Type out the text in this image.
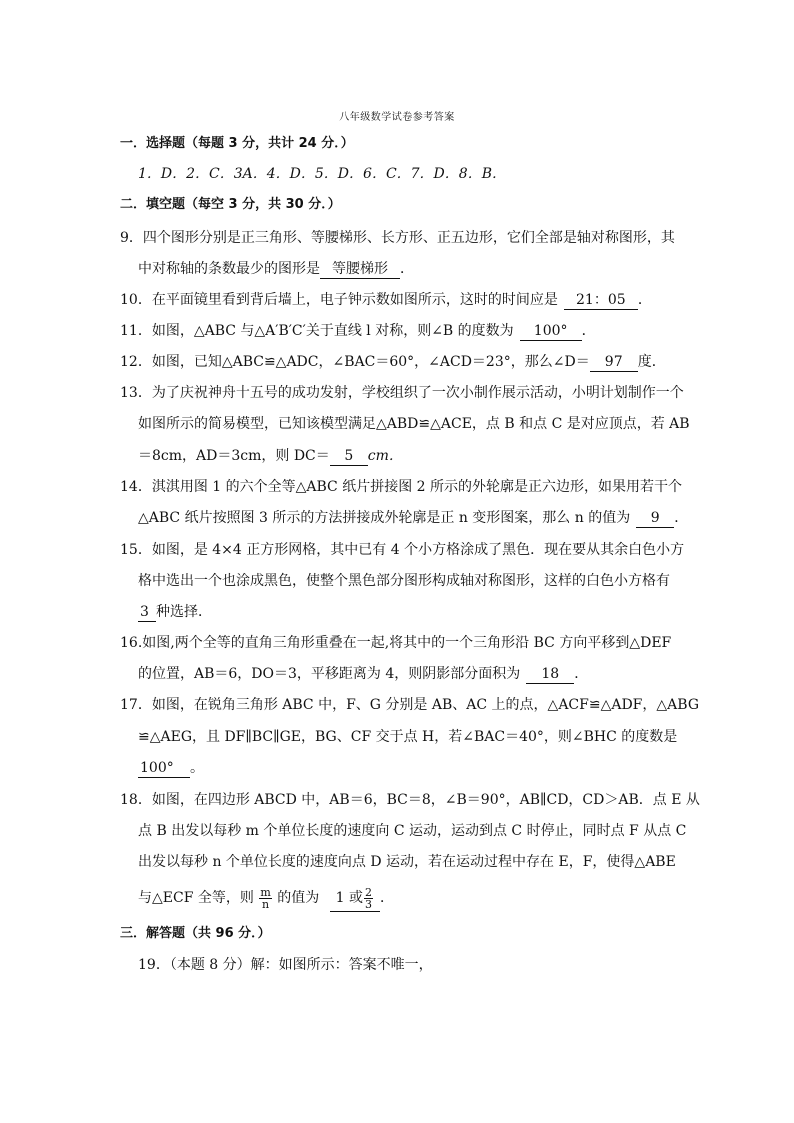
八年级数学试卷参考答案
一．选择题（每题 3 分，共计 24 分．）
1．D．2．C．3A．4．D．5．D．6．C．7．D．8．B．
二．填空题（每空 3 分，共 30 分．）
9．四个图形分别是正三角形、等腰梯形、长方形、正五边形，它们全部是轴对称图形，其
中对称轴的条数最少的图形是 等腰梯形 ．
10．在平面镜里看到背后墙上，电子钟示数如图所示，这时的时间应是 21：05 ．
11．如图，△ABC 与△A′B′C′关于直线 l 对称，则∠B 的度数为 100° ．
12．如图，已知△ABC≌△ADC，∠BAC＝60°，∠ACD＝23°，那么∠D＝ 97 度．
13．为了庆祝神舟十五号的成功发射，学校组织了一次小制作展示活动，小明计划制作一个
如图所示的简易模型，已知该模型满足△ABD≌△ACE，点 B 和点 C 是对应顶点，若 AB
＝8cm，AD＝3cm，则 DC＝ 5 cm．
14．淇淇用图 1 的六个全等△ABC 纸片拼接图 2 所示的外轮廓是正六边形，如果用若干个
△ABC 纸片按照图 3 所示的方法拼接成外轮廓是正 n 变形图案，那么 n 的值为 9 ．
15．如图，是 4×4 正方形网格，其中已有 4 个小方格涂成了黑色．现在要从其余白色小方
格中选出一个也涂成黑色，使整个黑色部分图形构成轴对称图形，这样的白色小方格有
3 种选择．
16.如图,两个全等的直角三角形重叠在一起,将其中的一个三角形沿 BC 方向平移到△DEF
的位置，AB＝6，DO＝3，平移距离为 4，则阴影部分面积为 18 ．
17．如图，在锐角三角形 ABC 中，F、G 分别是 AB、AC 上的点，△ACF≌△ADF，△ABG
≌△AEG，且 DF∥BC∥GE，BG、CF 交于点 H，若∠BAC＝40°，则∠BHC 的度数是
100° 。
18．如图，在四边形 ABCD 中，AB＝6，BC＝8，∠B＝90°，AB∥CD，CD＞AB．点 E 从
点 B 出发以每秒 m 个单位长度的速度向 C 运动，运动到点 C 时停止，同时点 F 从点 C
出发以每秒 n 个单位长度的速度向点 D 运动，若在运动过程中存在 E，F，使得△ABE
与△ECF 全等，则 $\frac{m}{n}$ 的值为 1 或 $\frac{2}{3}$ ．
三．解答题（共 96 分．）
19．（本题 8 分）解：如图所示：答案不唯一，
